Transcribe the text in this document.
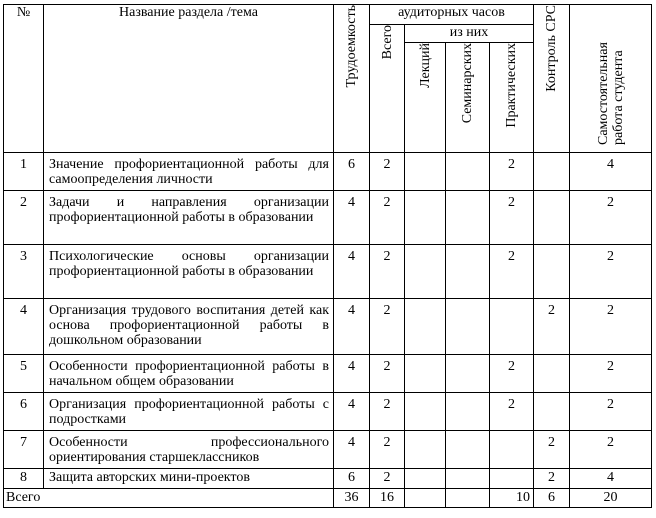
№	Название раздела /тема	Трудоемкость	аудиторных часов				Контроль СРС	Самостоятельная работа студента

			Всего	из них				

				Лекций	Семинарских	Практических		

1	Значение профориентационной работы для самоопределения личности	6	2			2		4
2	Задачи и направления организации профориентационной работы в образовании	4	2			2		2
3	Психологические основы организации профориентационной работы в образовании	4	2			2		2
4	Организация трудового воспитания детей как основа профориентационной работы в дошкольном образовании	4	2				2	2
5	Особенности профориентационной работы в начальном общем образовании	4	2			2		2
6	Организация профориентационной работы с подростками	4	2			2		2
7	Особенности профессионального ориентирования старшеклассников	4	2				2	2
8	Защита авторских мини-проектов	6	2				2	4
Всего		36	16			10	6	20
